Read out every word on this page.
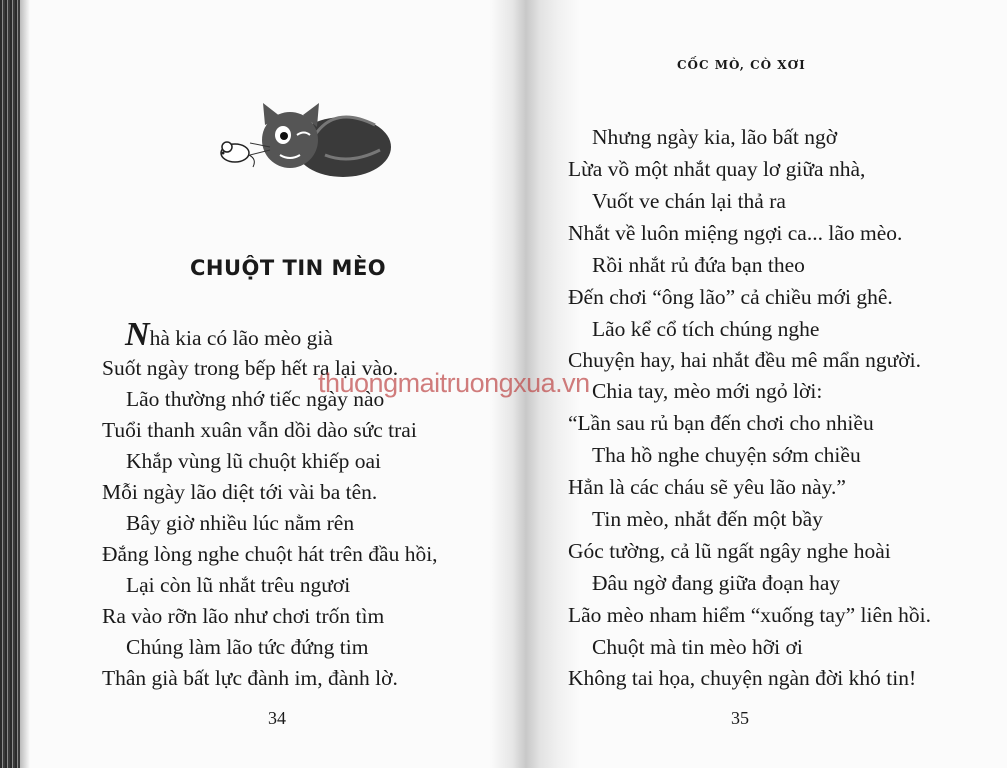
CHUỘT TIN MÈO
Nhà kia có lão mèo già
Suốt ngày trong bếp hết ra lại vào.
Lão thường nhớ tiếc ngày nào
Tuổi thanh xuân vẫn dồi dào sức trai
Khắp vùng lũ chuột khiếp oai
Mỗi ngày lão diệt tới vài ba tên.
Bây giờ nhiều lúc nằm rên
Đắng lòng nghe chuột hát trên đầu hồi,
Lại còn lũ nhắt trêu ngươi
Ra vào rỡn lão như chơi trốn tìm
Chúng làm lão tức đứng tim
Thân già bất lực đành im, đành lờ.
34
CỐC MÒ, CÒ XƠI
Nhưng ngày kia, lão bất ngờ
Lừa vồ một nhắt quay lơ giữa nhà,
Vuốt ve chán lại thả ra
Nhắt về luôn miệng ngợi ca... lão mèo.
Rồi nhắt rủ đứa bạn theo
Đến chơi “ông lão” cả chiều mới ghê.
Lão kể cổ tích chúng nghe
Chuyện hay, hai nhắt đều mê mẩn người.
Chia tay, mèo mới ngỏ lời:
“Lần sau rủ bạn đến chơi cho nhiều
Tha hồ nghe chuyện sớm chiều
Hẳn là các cháu sẽ yêu lão này.”
Tin mèo, nhắt đến một bầy
Góc tường, cả lũ ngất ngây nghe hoài
Đâu ngờ đang giữa đoạn hay
Lão mèo nham hiểm “xuống tay” liên hồi.
Chuột mà tin mèo hỡi ơi
Không tai họa, chuyện ngàn đời khó tin!
35
thuongmaitruongxua.vn
